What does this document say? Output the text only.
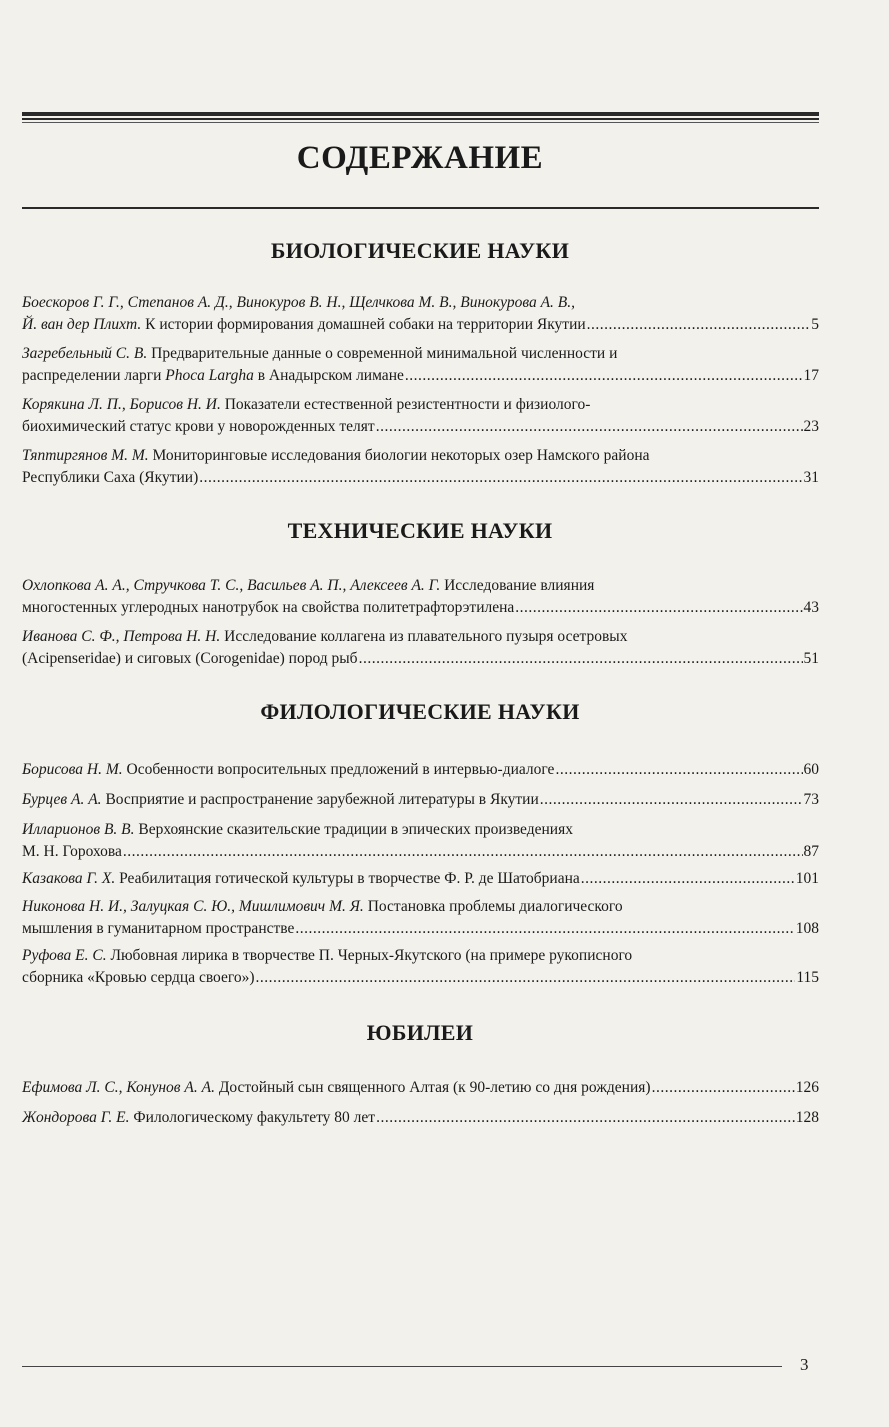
СОДЕРЖАНИЕ
БИОЛОГИЧЕСКИЕ НАУКИ
Боескоров Г. Г., Степанов А. Д., Винокуров В. Н., Щелчкова М. В., Винокурова А. В.,
Й. ван дер Плихт. К истории формирования домашней собаки на территории Якутии .....	5
Загребельный С. В. Предварительные данные о современной минимальной численности и
распределении ларги Phoca Largha в Анадырском лимане .....	17
Корякина Л. П., Борисов Н. И. Показатели естественной резистентности и физиолого-
биохимический статус крови у новорожденных телят .....	23
Тяптиргянов М. М. Мониторинговые исследования биологии некоторых озер Намского района
Республики Саха (Якутии) .....	31
ТЕХНИЧЕСКИЕ НАУКИ
Охлопкова А. А., Стручкова Т. С., Васильев А. П., Алексеев А. Г. Исследование влияния
многостенных углеродных нанотрубок на свойства политетрафторэтилена .....	43
Иванова С. Ф., Петрова Н. Н. Исследование коллагена из плавательного пузыря осетровых
(Acipenseridae) и сиговых (Corogenidae) пород рыб .....	51
ФИЛОЛОГИЧЕСКИЕ НАУКИ
Борисова Н. М. Особенности вопросительных предложений в интервью-диалоге .....	60
Бурцев А. А. Восприятие и распространение зарубежной литературы в Якутии .....	73
Илларионов В. В. Верхоянские сказительские традиции в эпических произведениях
М. Н. Горохова .....	87
Казакова Г. Х. Реабилитация готической культуры в творчестве Ф. Р. де Шатобриана .....	101
Никонова Н. И., Залуцкая С. Ю., Мишлимович М. Я. Постановка проблемы диалогического
мышления в гуманитарном пространстве .....	108
Руфова Е. С. Любовная лирика в творчестве П. Черных-Якутского (на примере рукописного
сборника «Кровью сердца своего») .....	115
ЮБИЛЕИ
Ефимова Л. С., Конунов А. А. Достойный сын священного Алтая (к 90-летию со дня рождения) .....	126
Жондорова Г. Е. Филологическому факультету 80 лет .....	128
3
